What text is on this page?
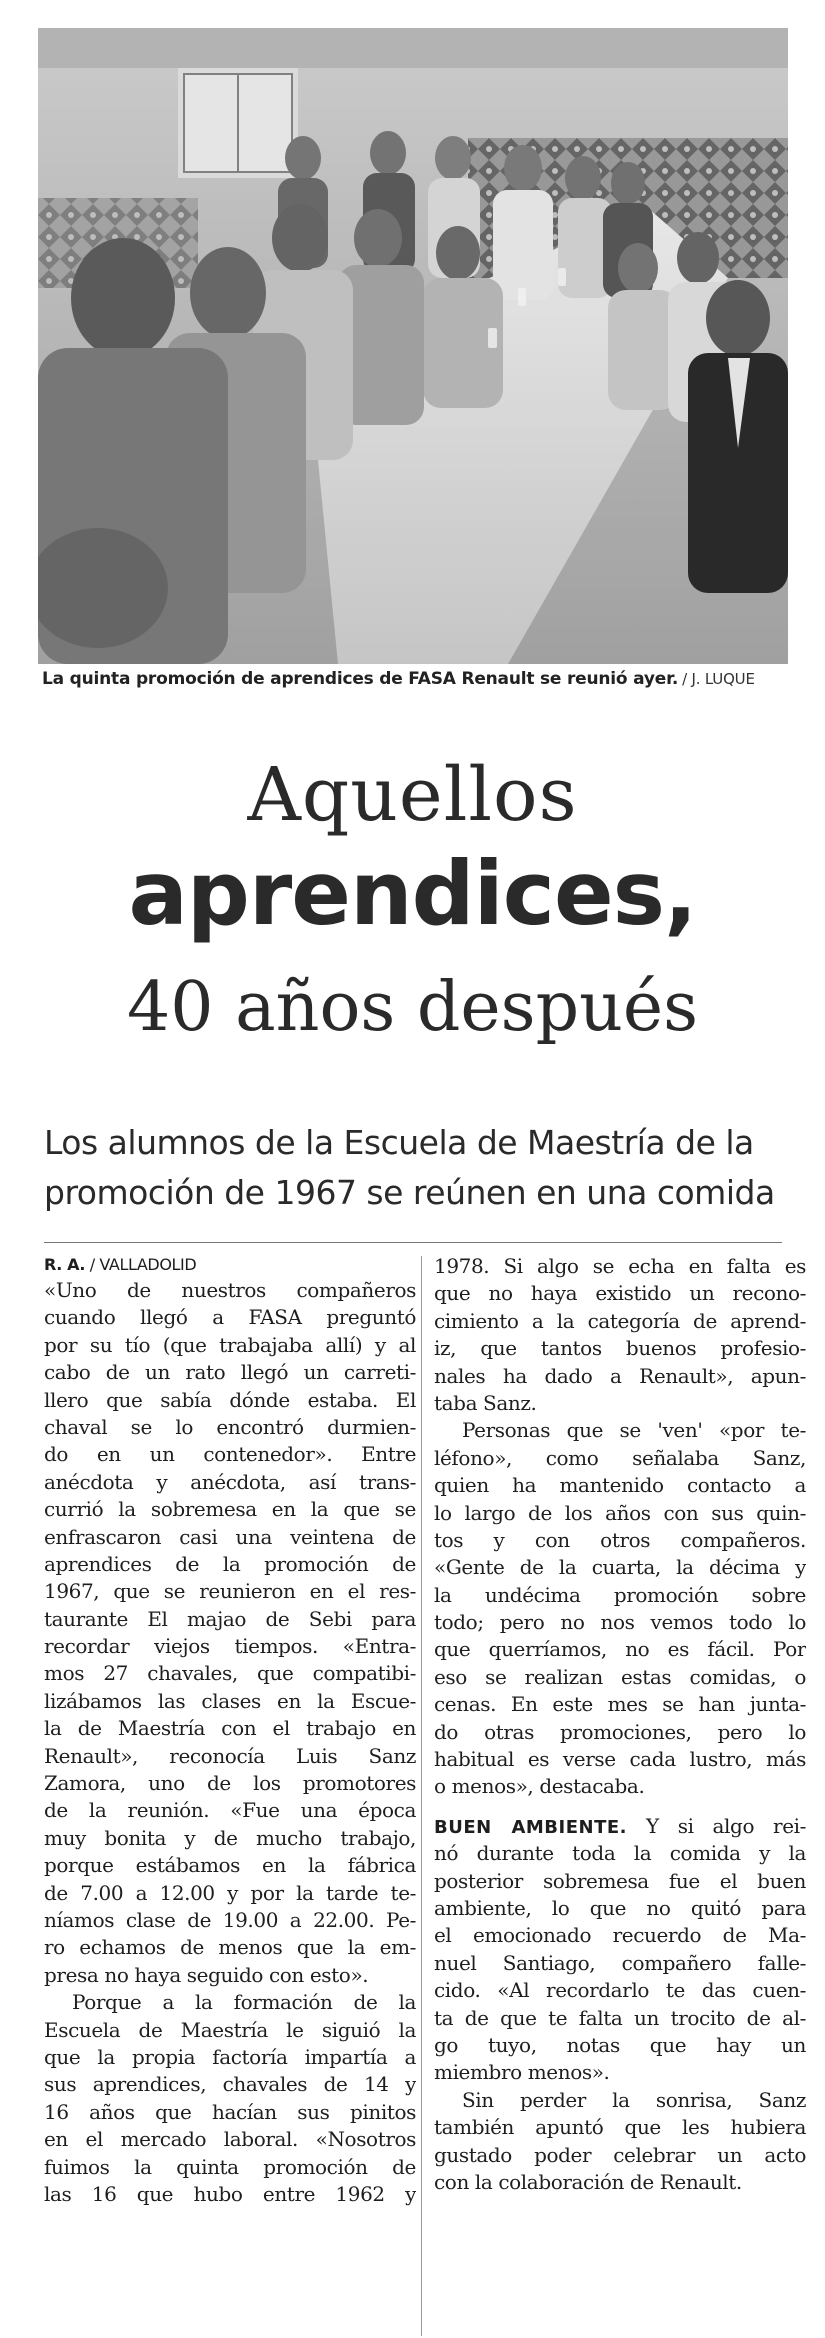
La quinta promoción de aprendices de FASA Renault se reunió ayer. / J. LUQUE
Aquellos
aprendices,
40 años después
Los alumnos de la Escuela de Maestría de la
promoción de 1967 se reúnen en una comida
R. A. / VALLADOLID
«Uno de nuestros compañeros
cuando llegó a FASA preguntó
por su tío (que trabajaba allí) y al
cabo de un rato llegó un carreti-
llero que sabía dónde estaba. El
chaval se lo encontró durmien-
do en un contenedor». Entre
anécdota y anécdota, así trans-
currió la sobremesa en la que se
enfrascaron casi una veintena de
aprendices de la promoción de
1967, que se reunieron en el res-
taurante El majao de Sebi para
recordar viejos tiempos. «Entra-
mos 27 chavales, que compatibi-
lizábamos las clases en la Escue-
la de Maestría con el trabajo en
Renault», reconocía Luis Sanz
Zamora, uno de los promotores
de la reunión. «Fue una época
muy bonita y de mucho trabajo,
porque estábamos en la fábrica
de 7.00 a 12.00 y por la tarde te-
níamos clase de 19.00 a 22.00. Pe-
ro echamos de menos que la em-
presa no haya seguido con esto».
Porque a la formación de la
Escuela de Maestría le siguió la
que la propia factoría impartía a
sus aprendices, chavales de 14 y
16 años que hacían sus pinitos
en el mercado laboral. «Nosotros
fuimos la quinta promoción de
las 16 que hubo entre 1962 y
1978. Si algo se echa en falta es
que no haya existido un recono-
cimiento a la categoría de aprend-
iz, que tantos buenos profesio-
nales ha dado a Renault», apun-
taba Sanz.
Personas que se 'ven' «por te-
léfono», como señalaba Sanz,
quien ha mantenido contacto a
lo largo de los años con sus quin-
tos y con otros compañeros.
«Gente de la cuarta, la décima y
la undécima promoción sobre
todo; pero no nos vemos todo lo
que querríamos, no es fácil. Por
eso se realizan estas comidas, o
cenas. En este mes se han junta-
do otras promociones, pero lo
habitual es verse cada lustro, más
o menos», destacaba.
BUEN AMBIENTE. Y si algo rei-
nó durante toda la comida y la
posterior sobremesa fue el buen
ambiente, lo que no quitó para
el emocionado recuerdo de Ma-
nuel Santiago, compañero falle-
cido. «Al recordarlo te das cuen-
ta de que te falta un trocito de al-
go tuyo, notas que hay un
miembro menos».
Sin perder la sonrisa, Sanz
también apuntó que les hubiera
gustado poder celebrar un acto
con la colaboración de Renault.
